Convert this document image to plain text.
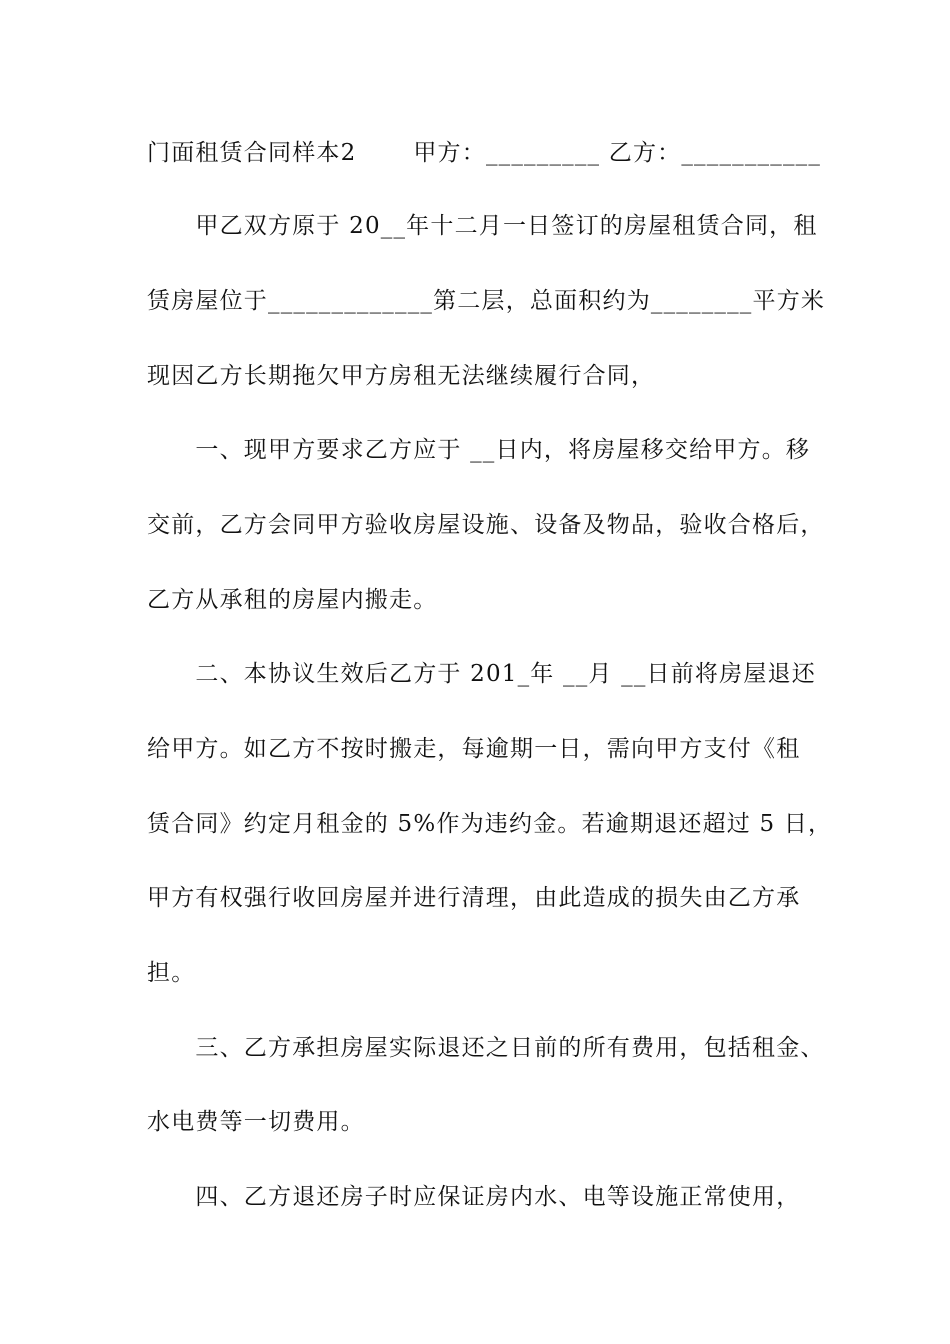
门面租赁合同样本2　　 甲方：_________ 乙方：___________
　　甲乙双方原于 20__年十二月一日签订的房屋租赁合同，租
赁房屋位于_____________第二层，总面积约为________平方米
现因乙方长期拖欠甲方房租无法继续履行合同，
　　一、现甲方要求乙方应于 __日内，将房屋移交给甲方。移
交前，乙方会同甲方验收房屋设施、设备及物品，验收合格后，
乙方从承租的房屋内搬走。
　　二、本协议生效后乙方于 201_年 __月 __日前将房屋退还
给甲方。如乙方不按时搬走，每逾期一日，需向甲方支付《租
赁合同》约定月租金的 5%作为违约金。若逾期退还超过 5 日，
甲方有权强行收回房屋并进行清理，由此造成的损失由乙方承
担。
　　三、乙方承担房屋实际退还之日前的所有费用，包括租金、
水电费等一切费用。
　　四、乙方退还房子时应保证房内水、电等设施正常使用，
